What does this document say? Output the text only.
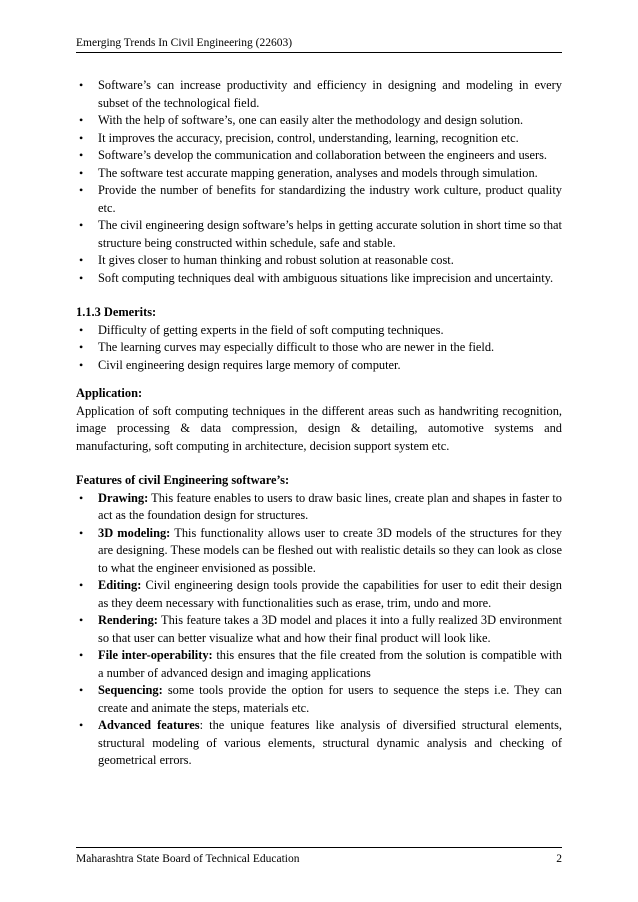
Emerging Trends In Civil Engineering (22603)
• Software’s can increase productivity and efficiency in designing and modeling in every subset of the technological field.
• With the help of software’s, one can easily alter the methodology and design solution.
• It improves the accuracy, precision, control, understanding, learning, recognition etc.
• Software’s develop the communication and collaboration between the engineers and users.
• The software test accurate mapping generation, analyses and models through simulation.
• Provide the number of benefits for standardizing the industry work culture, product quality etc.
• The civil engineering design software’s helps in getting accurate solution in short time so that structure being constructed within schedule, safe and stable.
• It gives closer to human thinking and robust solution at reasonable cost.
• Soft computing techniques deal with ambiguous situations like imprecision and uncertainty.

1.1.3 Demerits:

• Difficulty of getting experts in the field of soft computing techniques.
• The learning curves may especially difficult to those who are newer in the field.
• Civil engineering design requires large memory of computer.

Application:

Application of soft computing techniques in the different areas such as handwriting recognition, image processing & data compression, design & detailing, automotive systems and manufacturing, soft computing in architecture, decision support system etc.

Features of civil Engineering software’s:

• Drawing: This feature enables to users to draw basic lines, create plan and shapes in faster to act as the foundation design for structures.
• 3D modeling: This functionality allows user to create 3D models of the structures for they are designing. These models can be fleshed out with realistic details so they can look as close to what the engineer envisioned as possible.
• Editing: Civil engineering design tools provide the capabilities for user to edit their design as they deem necessary with functionalities such as erase, trim, undo and more.
• Rendering: This feature takes a 3D model and places it into a fully realized 3D environment so that user can better visualize what and how their final product will look like.
• File inter-operability: this ensures that the file created from the solution is compatible with a number of advanced design and imaging applications
• Sequencing: some tools provide the option for users to sequence the steps i.e. They can create and animate the steps, materials etc.
• Advanced features: the unique features like analysis of diversified structural elements, structural modeling of various elements, structural dynamic analysis and checking of geometrical errors.
Maharashtra State Board of Technical Education	2
